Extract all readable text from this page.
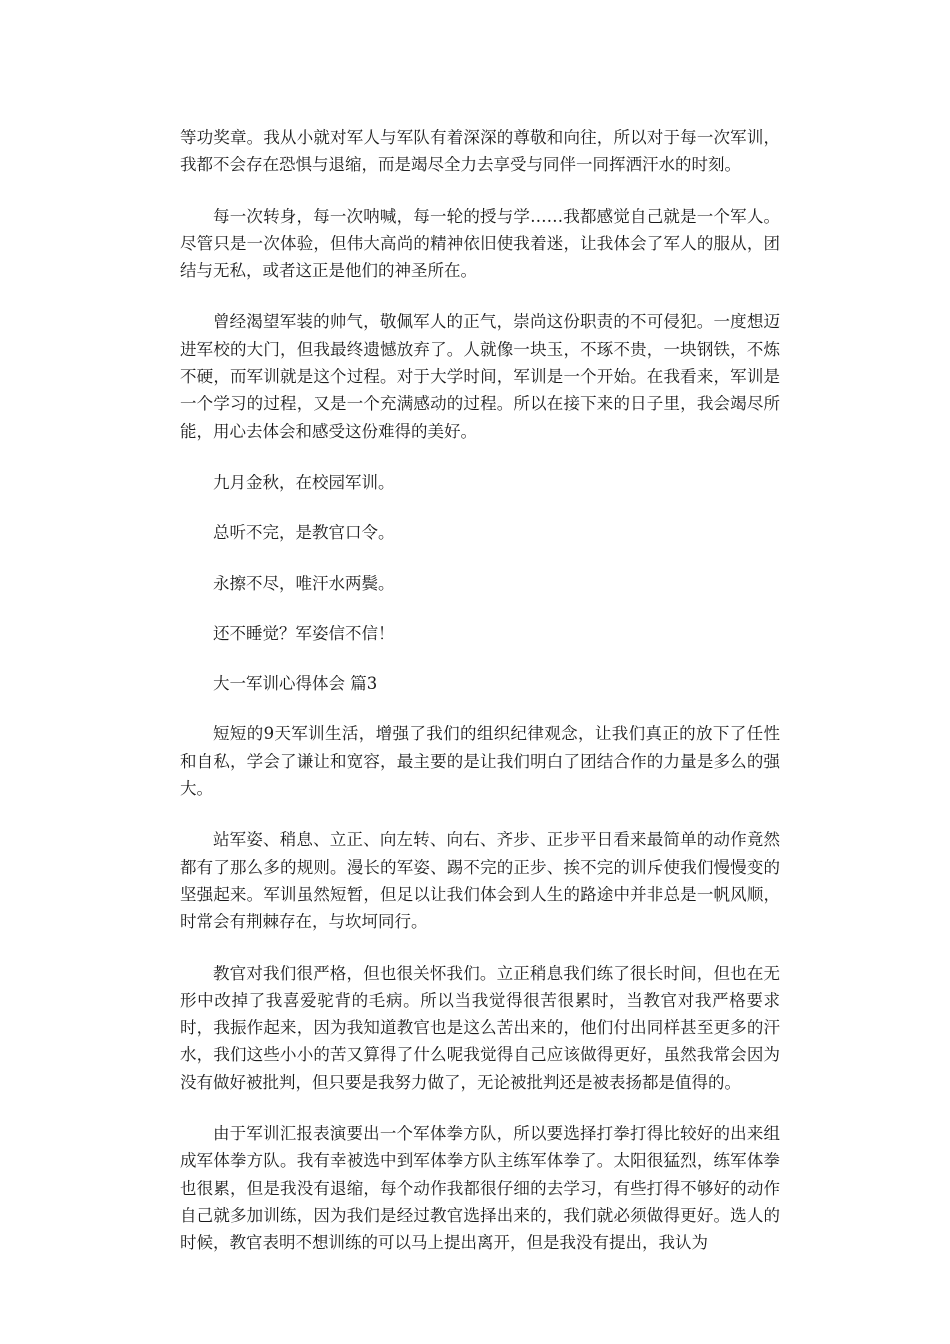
等功奖章。我从小就对军人与军队有着深深的尊敬和向往，所以对于每一次军训，我都不会存在恐惧与退缩，而是竭尽全力去享受与同伴一同挥洒汗水的时刻。

每一次转身，每一次呐喊，每一轮的授与学……我都感觉自己就是一个军人。尽管只是一次体验，但伟大高尚的精神依旧使我着迷，让我体会了军人的服从，团结与无私，或者这正是他们的神圣所在。

曾经渴望军装的帅气，敬佩军人的正气，崇尚这份职责的不可侵犯。一度想迈进军校的大门，但我最终遗憾放弃了。人就像一块玉，不琢不贵，一块钢铁，不炼不硬，而军训就是这个过程。对于大学时间，军训是一个开始。在我看来，军训是一个学习的过程，又是一个充满感动的过程。所以在接下来的日子里，我会竭尽所能，用心去体会和感受这份难得的美好。

九月金秋，在校园军训。

总听不完，是教官口令。

永擦不尽，唯汗水两鬓。

还不睡觉？军姿信不信！

大一军训心得体会 篇3

短短的9天军训生活，增强了我们的组织纪律观念，让我们真正的放下了任性和自私，学会了谦让和宽容，最主要的是让我们明白了团结合作的力量是多么的强大。

站军姿、稍息、立正、向左转、向右、齐步、正步平日看来最简单的动作竟然都有了那么多的规则。漫长的军姿、踢不完的正步、挨不完的训斥使我们慢慢变的坚强起来。军训虽然短暂，但足以让我们体会到人生的路途中并非总是一帆风顺，时常会有荆棘存在，与坎坷同行。

教官对我们很严格，但也很关怀我们。立正稍息我们练了很长时间，但也在无形中改掉了我喜爱驼背的毛病。所以当我觉得很苦很累时，当教官对我严格要求时，我振作起来，因为我知道教官也是这么苦出来的，他们付出同样甚至更多的汗水，我们这些小小的苦又算得了什么呢我觉得自己应该做得更好，虽然我常会因为没有做好被批判，但只要是我努力做了，无论被批判还是被表扬都是值得的。

由于军训汇报表演要出一个军体拳方队，所以要选择打拳打得比较好的出来组成军体拳方队。我有幸被选中到军体拳方队主练军体拳了。太阳很猛烈，练军体拳也很累，但是我没有退缩，每个动作我都很仔细的去学习，有些打得不够好的动作自己就多加训练，因为我们是经过教官选择出来的，我们就必须做得更好。选人的时候，教官表明不想训练的可以马上提出离开，但是我没有提出，我认为
